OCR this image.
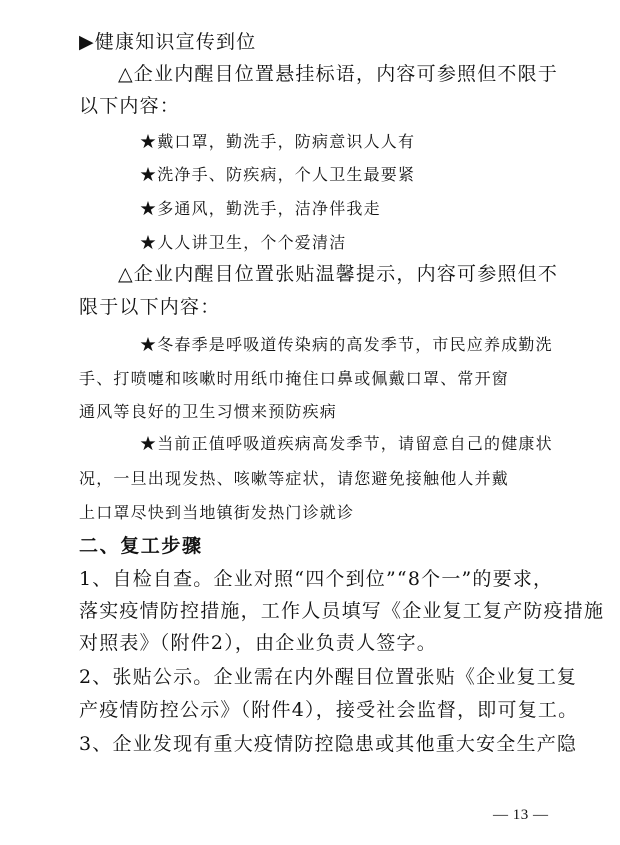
▶健康知识宣传到位
△企业内醒目位置悬挂标语，内容可参照但不限于
以下内容：
★戴口罩，勤洗手，防病意识人人有
★洗净手、防疾病，个人卫生最要紧
★多通风，勤洗手，洁净伴我走
★人人讲卫生，个个爱清洁
△企业内醒目位置张贴温馨提示，内容可参照但不
限于以下内容：
★冬春季是呼吸道传染病的高发季节，市民应养成勤洗
手、打喷嚏和咳嗽时用纸巾掩住口鼻或佩戴口罩、常开窗
通风等良好的卫生习惯来预防疾病
★当前正值呼吸道疾病高发季节，请留意自己的健康状
况，一旦出现发热、咳嗽等症状，请您避免接触他人并戴
上口罩尽快到当地镇街发热门诊就诊
二、复工步骤
1、自检自查。企业对照“四个到位”“8个一”的要求，
落实疫情防控措施，工作人员填写《企业复工复产防疫措施
对照表》（附件2），由企业负责人签字。
2、张贴公示。企业需在内外醒目位置张贴《企业复工复
产疫情防控公示》（附件4），接受社会监督，即可复工。
3、企业发现有重大疫情防控隐患或其他重大安全生产隐
— 13 —
